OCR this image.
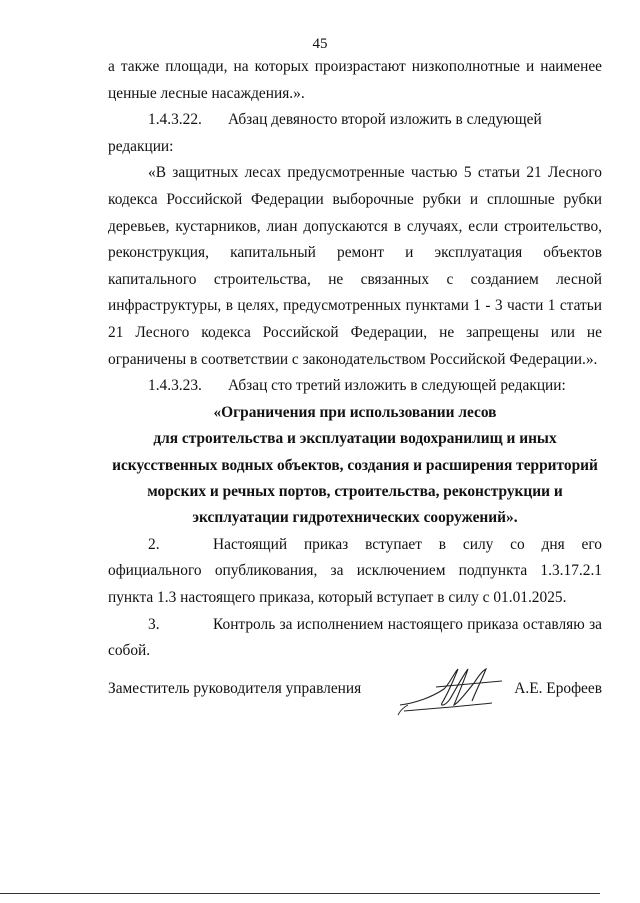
45

а также площади, на которых произрастают низкополнотные и наименее ценные лесные насаждения.».

1.4.3.22. Абзац девяносто второй изложить в следующей редакции:

«В защитных лесах предусмотренные частью 5 статьи 21 Лесного кодекса Российской Федерации выборочные рубки и сплошные рубки деревьев, кустарников, лиан допускаются в случаях, если строительство, реконструкция, капитальный ремонт и эксплуатация объектов капитального строительства, не связанных с созданием лесной инфраструктуры, в целях, предусмотренных пунктами 1 - 3 части 1 статьи 21 Лесного кодекса Российской Федерации, не запрещены или не ограничены в соответствии с законодательством Российской Федерации.».

1.4.3.23. Абзац сто третий изложить в следующей редакции:

«Ограничения при использовании лесов
для строительства и эксплуатации водохранилищ и иных
искусственных водных объектов, создания и расширения территорий
морских и речных портов, строительства, реконструкции и
эксплуатации гидротехнических сооружений».

2.	Настоящий приказ вступает в силу со дня его официального опубликования, за исключением подпункта 1.3.17.2.1 пункта 1.3 настоящего приказа, который вступает в силу с 01.01.2025.

3.	Контроль за исполнением настоящего приказа оставляю за собой.

Заместитель руководителя управления	А.Е. Ерофеев
